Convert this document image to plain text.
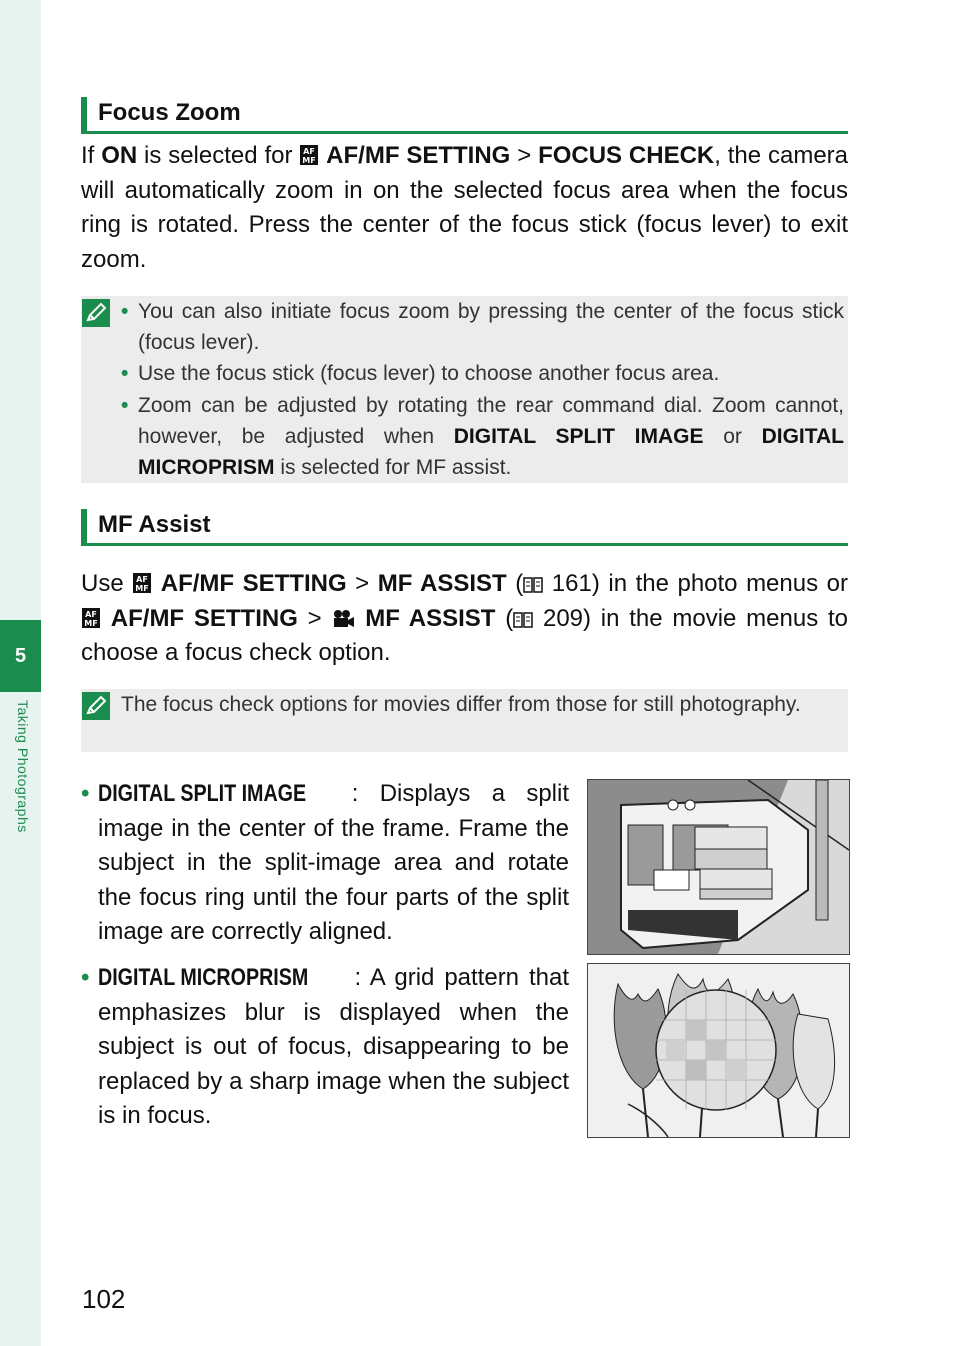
5
Taking Photographs
Focus Zoom

If ON is selected for AF
MF AF/MF SETTING > FOCUS CHECK, the camera will automatically zoom in on the selected focus area when the focus ring is rotated. Press the center of the focus stick (focus lever) to exit zoom.

• You can also initiate focus zoom by pressing the center of the focus stick (focus lever).
• Use the focus stick (focus lever) to choose another focus area.
• Zoom can be adjusted by rotating the rear command dial. Zoom cannot, however, be adjusted when DIGITAL SPLIT IMAGE or DIGITAL MICROPRISM is selected for MF assist.
MF Assist

Use AF
MF AF/MF SETTING > MF ASSIST ( 161) in the photo menus or
AF
MF AF/MF SETTING >  MF ASSIST ( 209) in the movie menus to choose a focus check option.

The focus check options for movies differ from those for still photography.

• DIGITAL SPLIT IMAGE : Displays a split image in the center of the frame. Frame the subject in the split-image area and rotate the focus ring until the four parts of the split image are correctly aligned.
• DIGITAL MICROPRISM : A grid pattern that emphasizes blur is displayed when the subject is out of focus, disappearing to be replaced by a sharp image when the subject is in focus.
102
